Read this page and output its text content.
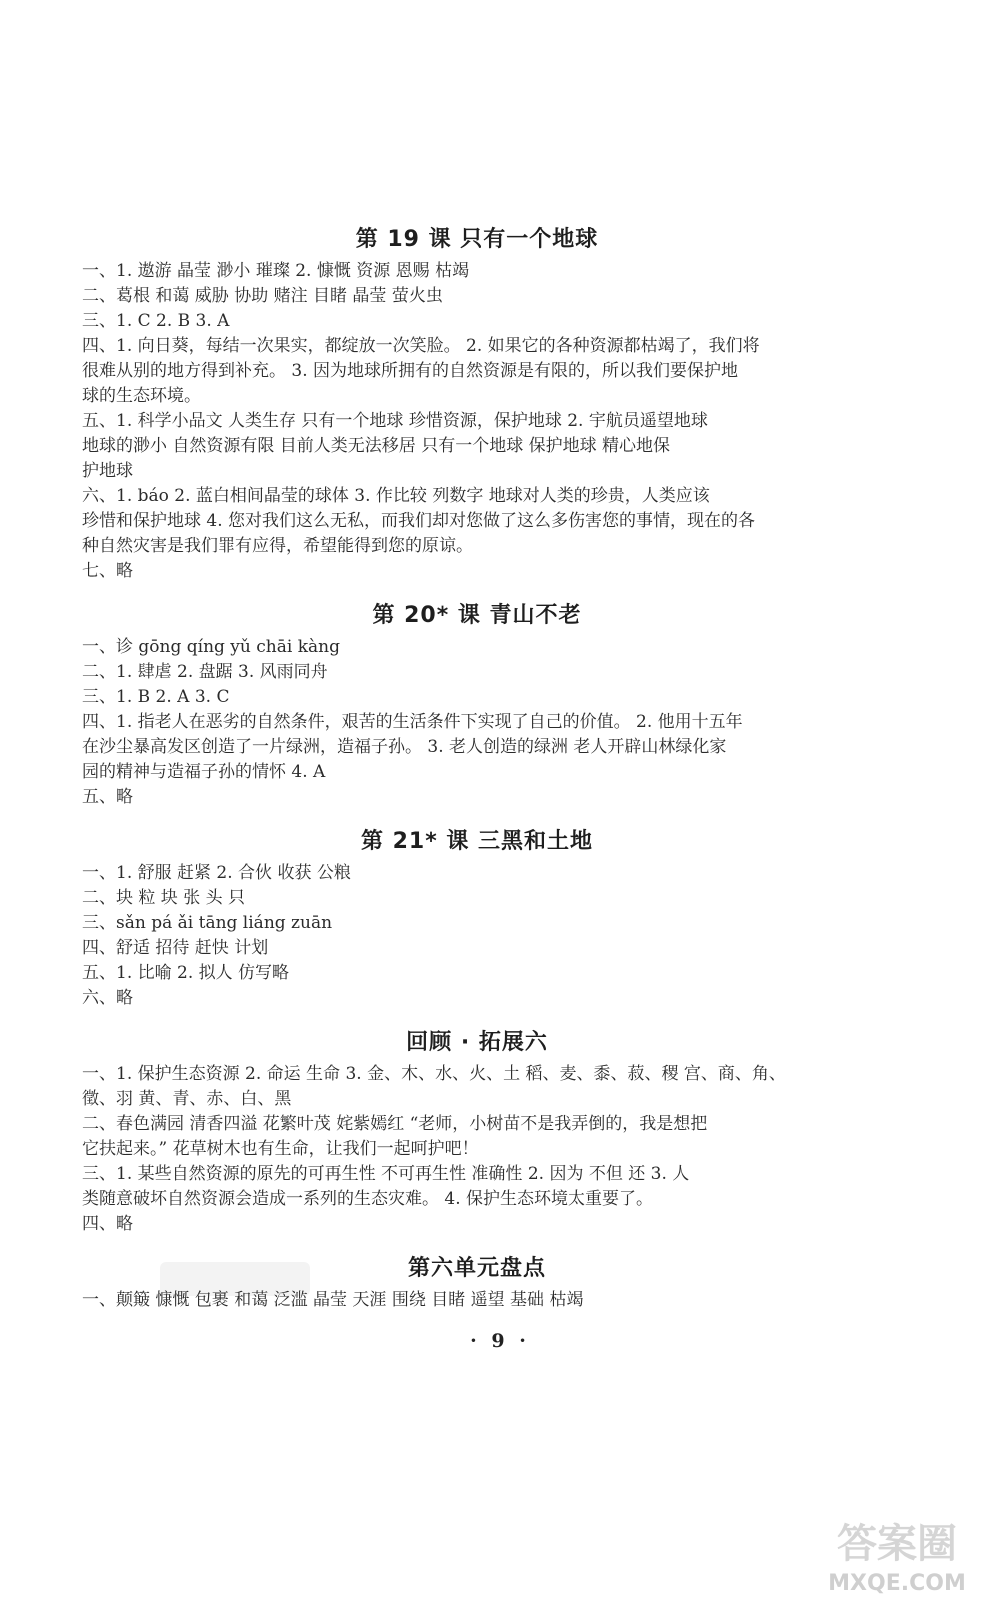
第 19 课 只有一个地球
一、1. 遨游 晶莹 渺小 璀璨 2. 慷慨 资源 恩赐 枯竭
二、葛根 和蔼 威胁 协助 赌注 目睹 晶莹 萤火虫
三、1. C 2. B 3. A
四、1. 向日葵，每结一次果实，都绽放一次笑脸。 2. 如果它的各种资源都枯竭了，我们将
很难从别的地方得到补充。 3. 因为地球所拥有的自然资源是有限的，所以我们要保护地
球的生态环境。
五、1. 科学小品文 人类生存 只有一个地球 珍惜资源，保护地球 2. 宇航员遥望地球
地球的渺小 自然资源有限 目前人类无法移居 只有一个地球 保护地球 精心地保
护地球
六、1. báo 2. 蓝白相间晶莹的球体 3. 作比较 列数字 地球对人类的珍贵，人类应该
珍惜和保护地球 4. 您对我们这么无私，而我们却对您做了这么多伤害您的事情，现在的各
种自然灾害是我们罪有应得，希望能得到您的原谅。
七、略
第 20* 课 青山不老
一、诊 gōng qíng yǔ chāi kàng
二、1. 肆虐 2. 盘踞 3. 风雨同舟
三、1. B 2. A 3. C
四、1. 指老人在恶劣的自然条件，艰苦的生活条件下实现了自己的价值。 2. 他用十五年
在沙尘暴高发区创造了一片绿洲，造福子孙。 3. 老人创造的绿洲 老人开辟山林绿化家
园的精神与造福子孙的情怀 4. A
五、略
第 21* 课 三黑和土地
一、1. 舒服 赶紧 2. 合伙 收获 公粮
二、块 粒 块 张 头 只
三、sǎn pá ǎi tāng liáng zuān
四、舒适 招待 赶快 计划
五、1. 比喻 2. 拟人 仿写略
六、略
回顾 · 拓展六
一、1. 保护生态资源 2. 命运 生命 3. 金、木、水、火、土 稻、麦、黍、菽、稷 宫、商、角、
徵、羽 黄、青、赤、白、黑
二、春色满园 清香四溢 花繁叶茂 姹紫嫣红 “老师，小树苗不是我弄倒的，我是想把
它扶起来。” 花草树木也有生命，让我们一起呵护吧！
三、1. 某些自然资源的原先的可再生性 不可再生性 准确性 2. 因为 不但 还 3. 人
类随意破坏自然资源会造成一系列的生态灾难。 4. 保护生态环境太重要了。
四、略
第六单元盘点
一、颠簸 慷慨 包裹 和蔼 泛滥 晶莹 天涯 围绕 目睹 遥望 基础 枯竭
· 9 ·
答案圈
MXQE.COM
